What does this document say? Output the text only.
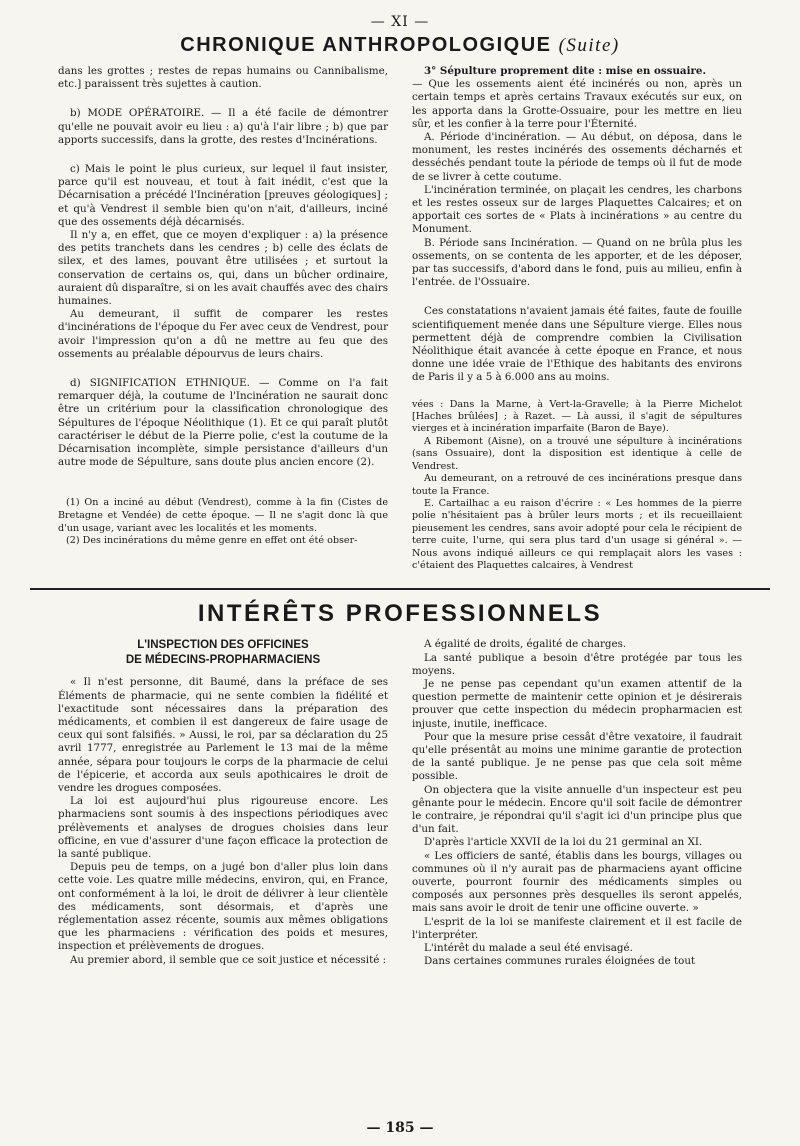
— XI —
CHRONIQUE ANTHROPOLOGIQUE (Suite)

dans les grottes ; restes de repas humains ou Cannibalisme, etc.] paraissent très sujettes à caution.

b) MODE OPÉRATOIRE. — Il a été facile de démontrer qu'elle ne pouvait avoir eu lieu : a) qu'à l'air libre ; b) que par apports successifs, dans la grotte, des restes d'Incinérations.

c) Mais le point le plus curieux, sur lequel il faut insister, parce qu'il est nouveau, et tout à fait inédit, c'est que la Décarnisation a précédé l'Incinération [preuves géologiques] ; et qu'à Vendrest il semble bien qu'on n'ait, d'ailleurs, inciné que des ossements déjà décarnisés.

Il n'y a, en effet, que ce moyen d'expliquer : a) la présence des petits tranchets dans les cendres ; b) celle des éclats de silex, et des lames, pouvant être utilisées ; et surtout la conservation de certains os, qui, dans un bûcher ordinaire, auraient dû disparaître, si on les avait chauffés avec des chairs humaines.

Au demeurant, il suffit de comparer les restes d'incinérations de l'époque du Fer avec ceux de Vendrest, pour avoir l'impression qu'on a dû ne mettre au feu que des ossements au préalable dépourvus de leurs chairs.

d) SIGNIFICATION ETHNIQUE. — Comme on l'a fait remarquer déjà, la coutume de l'Incinération ne saurait donc être un critérium pour la classification chronologique des Sépultures de l'époque Néolithique (1). Et ce qui paraît plutôt caractériser le début de la Pierre polie, c'est la coutume de la Décarnisation incomplète, simple persistance d'ailleurs d'un autre mode de Sépulture, sans doute plus ancien encore (2).

(1) On a inciné au début (Vendrest), comme à la fin (Cistes de Bretagne et Vendée) de cette époque. — Il ne s'agit donc là que d'un usage, variant avec les localités et les moments.

(2) Des incinérations du même genre en effet ont été obser-

3° Sépulture proprement dite : mise en ossuaire.

— Que les ossements aient été incinérés ou non, après un certain temps et après certains Travaux exécutés sur eux, on les apporta dans la Grotte-Ossuaire, pour les mettre en lieu sûr, et les confier à la terre pour l'Éternité.

A. Période d'incinération. — Au début, on déposa, dans le monument, les restes incinérés des ossements décharnés et desséchés pendant toute la période de temps où il fut de mode de se livrer à cette coutume.

L'incinération terminée, on plaçait les cendres, les charbons et les restes osseux sur de larges Plaquettes Calcaires; et on apportait ces sortes de « Plats à incinérations » au centre du Monument.

B. Période sans Incinération. — Quand on ne brûla plus les ossements, on se contenta de les apporter, et de les déposer, par tas successifs, d'abord dans le fond, puis au milieu, enfin à l'entrée. de l'Ossuaire.

Ces constatations n'avaient jamais été faites, faute de fouille scientifiquement menée dans une Sépulture vierge. Elles nous permettent déjà de comprendre combien la Civilisation Néolithique était avancée à cette époque en France, et nous donne une idée vraie de l'Ethique des habitants des environs de Paris il y a 5 à 6.000 ans au moins.

vées : Dans la Marne, à Vert-la-Gravelle; à la Pierre Michelot [Haches brûlées] ; à Razet. — Là aussi, il s'agit de sépultures vierges et à incinération imparfaite (Baron de Baye).

A Ribemont (Aisne), on a trouvé une sépulture à incinérations (sans Ossuaire), dont la disposition est identique à celle de Vendrest.

Au demeurant, on a retrouvé de ces incinérations presque dans toute la France.

E. Cartailhac a eu raison d'écrire : « Les hommes de la pierre polie n'hésitaient pas à brûler leurs morts ; et ils recueillaient pieusement les cendres, sans avoir adopté pour cela le récipient de terre cuite, l'urne, qui sera plus tard d'un usage si général ». — Nous avons indiqué ailleurs ce qui remplaçait alors les vases : c'étaient des Plaquettes calcaires, à Vendrest

INTÉRÊTS PROFESSIONNELS
L'INSPECTION DES OFFICINES
DE MÉDECINS-PROPHARMACIENS

« Il n'est personne, dit Baumé, dans la préface de ses Éléments de pharmacie, qui ne sente combien la fidélité et l'exactitude sont nécessaires dans la préparation des médicaments, et combien il est dangereux de faire usage de ceux qui sont falsifiés. » Aussi, le roi, par sa déclaration du 25 avril 1777, enregistrée au Parlement le 13 mai de la même année, sépara pour toujours le corps de la pharmacie de celui de l'épicerie, et accorda aux seuls apothicaires le droit de vendre les drogues composées.

La loi est aujourd'hui plus rigoureuse encore. Les pharmaciens sont soumis à des inspections périodiques avec prélèvements et analyses de drogues choisies dans leur officine, en vue d'assurer d'une façon efficace la protection de la santé publique.

Depuis peu de temps, on a jugé bon d'aller plus loin dans cette voie. Les quatre mille médecins, environ, qui, en France, ont conformément à la loi, le droit de délivrer à leur clientèle des médicaments, sont désormais, et d'après une réglementation assez récente, soumis aux mêmes obligations que les pharmaciens : vérification des poids et mesures, inspection et prélèvements de drogues.

Au premier abord, il semble que ce soit justice et nécessité :

A égalité de droits, égalité de charges.

La santé publique a besoin d'être protégée par tous les moyens.

Je ne pense pas cependant qu'un examen attentif de la question permette de maintenir cette opinion et je désirerais prouver que cette inspection du médecin propharmacien est injuste, inutile, inefficace.

Pour que la mesure prise cessât d'être vexatoire, il faudrait qu'elle présentât au moins une minime garantie de protection de la santé publique. Je ne pense pas que cela soit même possible.

On objectera que la visite annuelle d'un inspecteur est peu gênante pour le médecin. Encore qu'il soit facile de démontrer le contraire, je répondrai qu'il s'agit ici d'un principe plus que d'un fait.

D'après l'article XXVII de la loi du 21 germinal an XI.

« Les officiers de santé, établis dans les bourgs, villages ou communes où il n'y aurait pas de pharmaciens ayant officine ouverte, pourront fournir des médicaments simples ou composés aux personnes près desquelles ils seront appelés, mais sans avoir le droit de tenir une officine ouverte. »

L'esprit de la loi se manifeste clairement et il est facile de l'interpréter.

L'intérêt du malade a seul été envisagé.

Dans certaines communes rurales éloignées de tout

— 185 —
